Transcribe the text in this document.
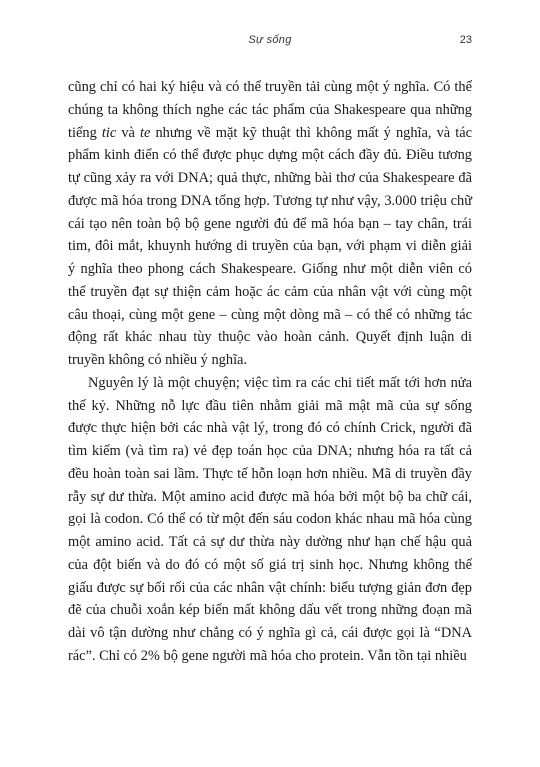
Sự sống	23

cũng chỉ có hai ký hiệu và có thể truyền tải cùng một ý nghĩa. Có thể chúng ta không thích nghe các tác phẩm của Shakespeare qua những tiếng tic và te nhưng về mặt kỹ thuật thì không mất ý nghĩa, và tác phẩm kinh điển có thể được phục dựng một cách đầy đủ. Điều tương tự cũng xảy ra với DNA; quả thực, những bài thơ của Shakespeare đã được mã hóa trong DNA tổng hợp. Tương tự như vậy, 3.000 triệu chữ cái tạo nên toàn bộ bộ gene người đủ để mã hóa bạn – tay chân, trái tim, đôi mắt, khuynh hướng di truyền của bạn, với phạm vi diễn giải ý nghĩa theo phong cách Shakespeare. Giống như một diễn viên có thể truyền đạt sự thiện cảm hoặc ác cảm của nhân vật với cùng một câu thoại, cùng một gene – cùng một dòng mã – có thể có những tác động rất khác nhau tùy thuộc vào hoàn cảnh. Quyết định luận di truyền không có nhiều ý nghĩa.

Nguyên lý là một chuyện; việc tìm ra các chi tiết mất tới hơn nửa thế kỷ. Những nỗ lực đầu tiên nhằm giải mã mật mã của sự sống được thực hiện bởi các nhà vật lý, trong đó có chính Crick, người đã tìm kiếm (và tìm ra) vẻ đẹp toán học của DNA; nhưng hóa ra tất cả đều hoàn toàn sai lầm. Thực tế hỗn loạn hơn nhiều. Mã di truyền đầy rẫy sự dư thừa. Một amino acid được mã hóa bởi một bộ ba chữ cái, gọi là codon. Có thể có từ một đến sáu codon khác nhau mã hóa cùng một amino acid. Tất cả sự dư thừa này dường như hạn chế hậu quả của đột biến và do đó có một số giá trị sinh học. Nhưng không thể giấu được sự bối rối của các nhân vật chính: biểu tượng giản đơn đẹp đẽ của chuỗi xoắn kép biến mất không dấu vết trong những đoạn mã dài vô tận dường như chẳng có ý nghĩa gì cả, cái được gọi là “DNA rác”. Chỉ có 2% bộ gene người mã hóa cho protein. Vẫn tồn tại nhiều
